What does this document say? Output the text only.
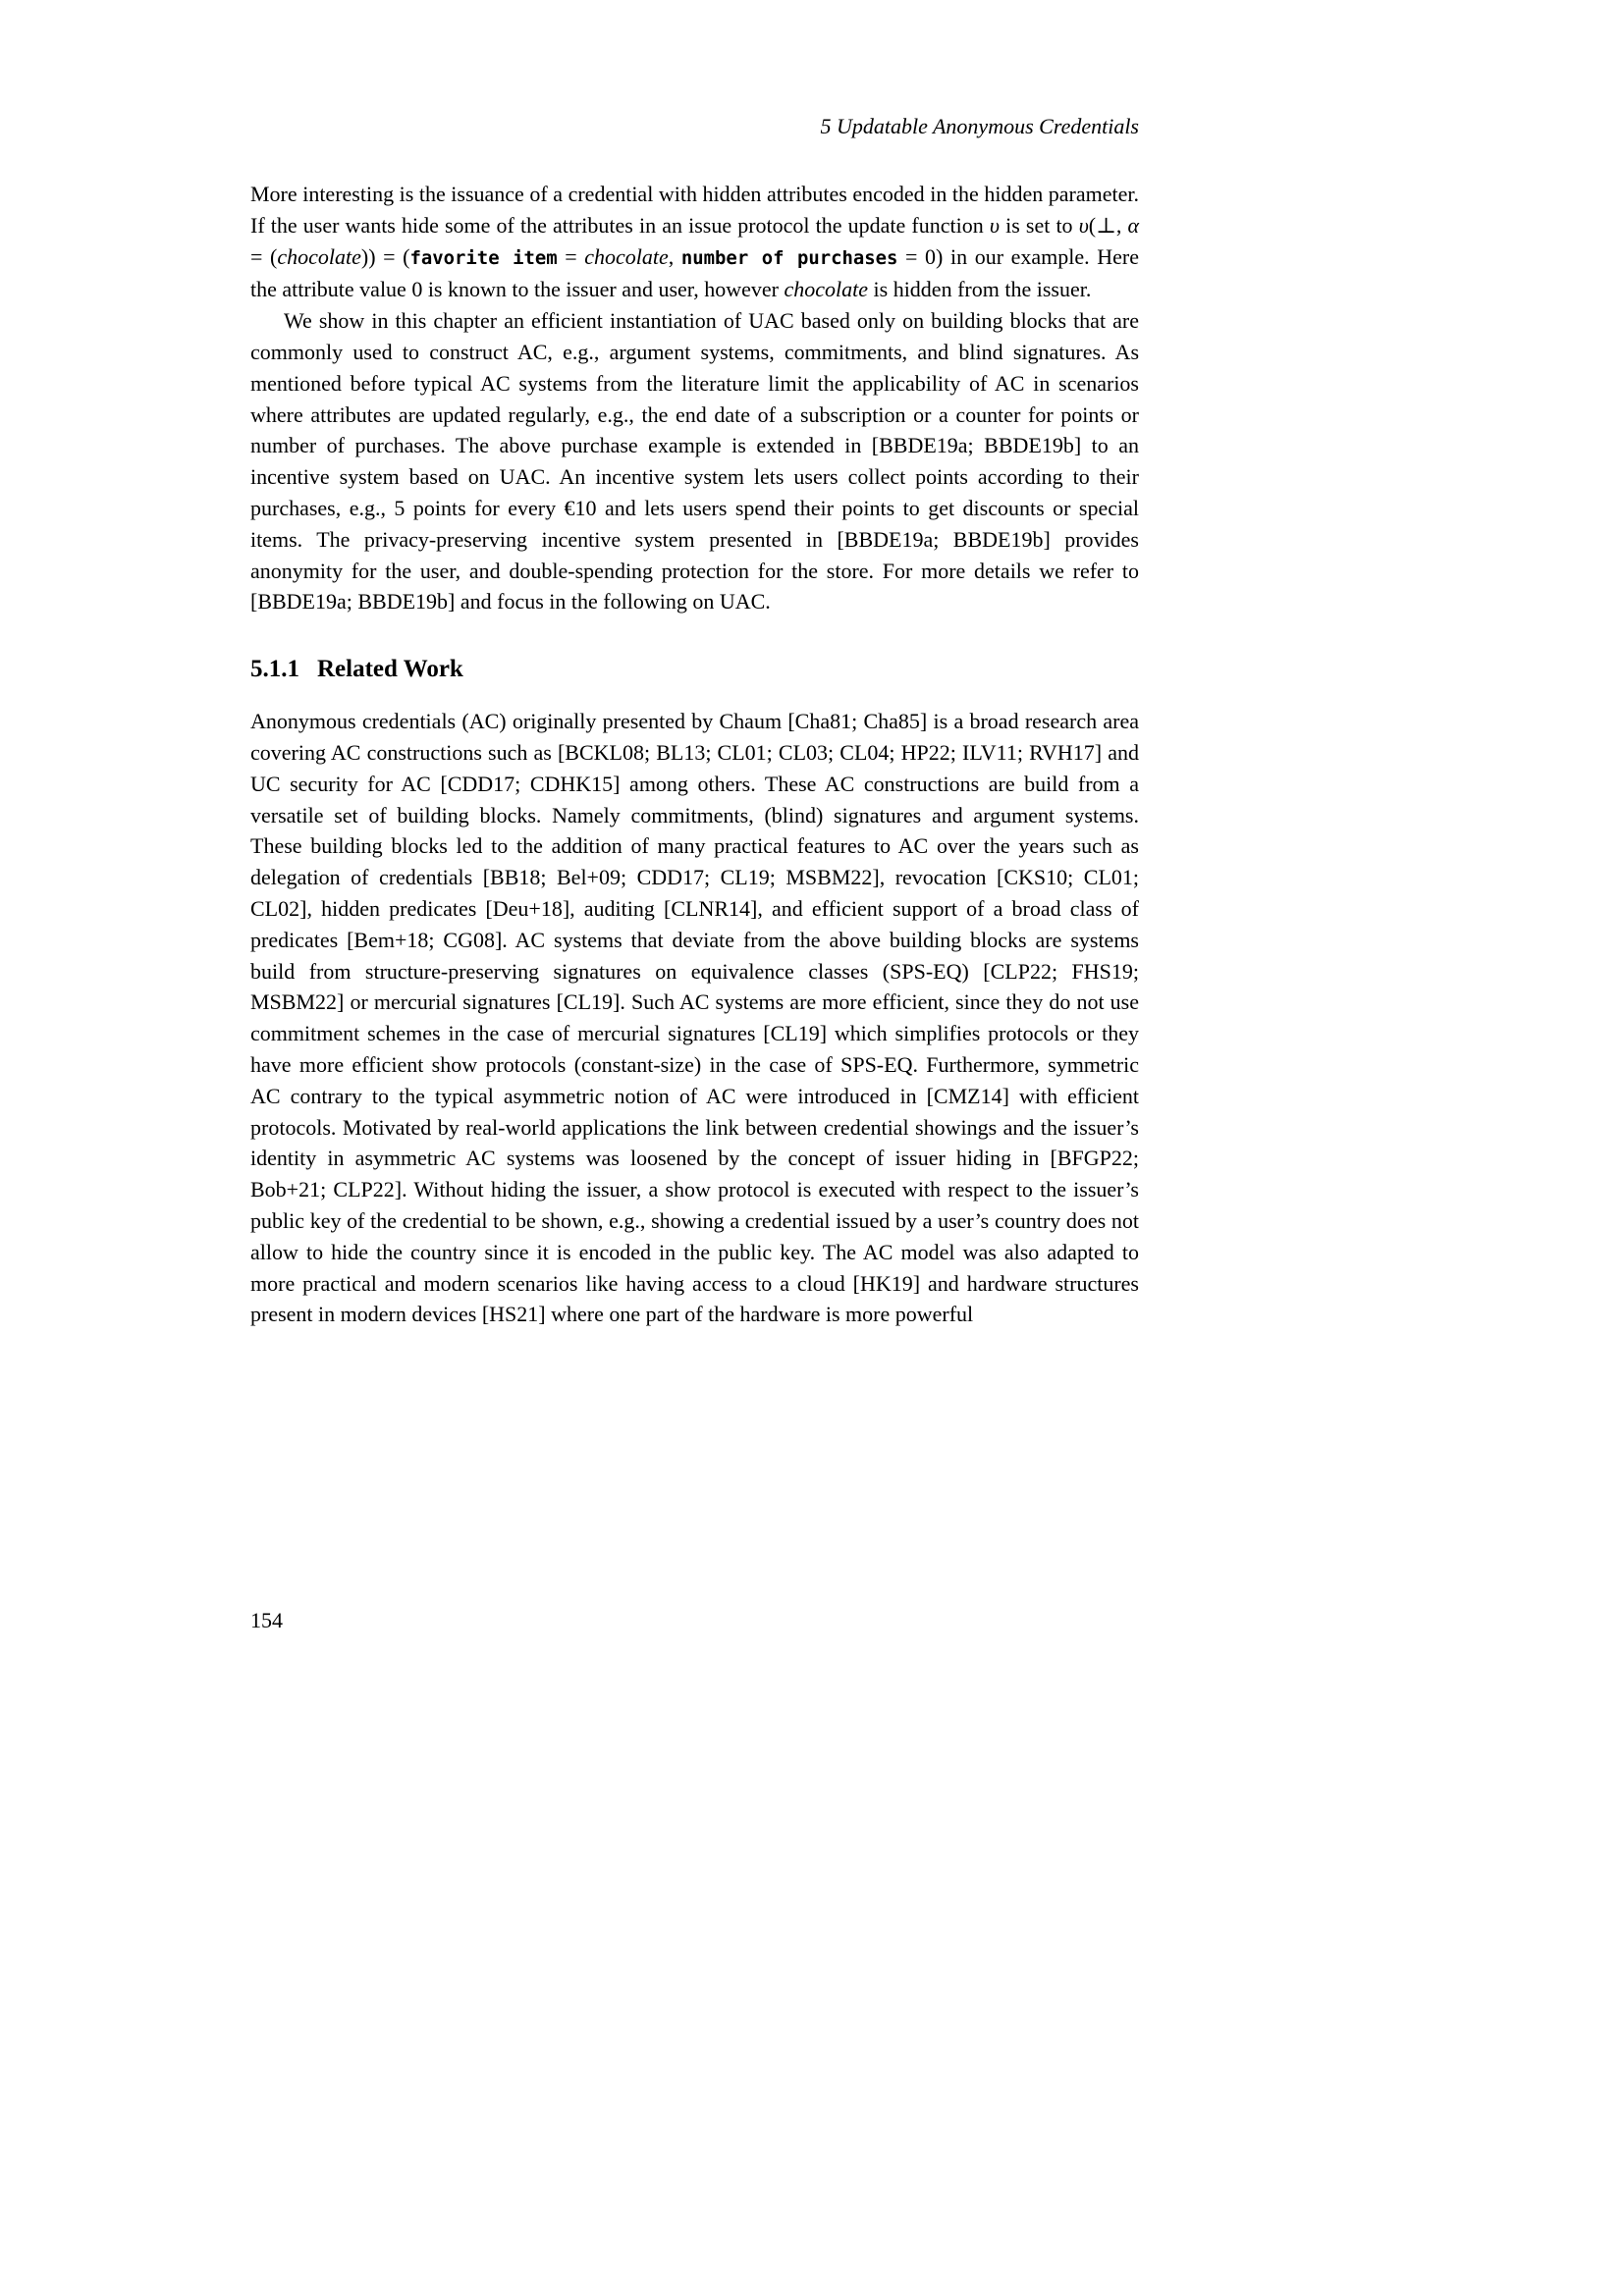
5 Updatable Anonymous Credentials

More interesting is the issuance of a credential with hidden attributes encoded in the hidden parameter. If the user wants hide some of the attributes in an issue protocol the update function υ is set to υ(⊥, α = (chocolate)) = (favorite item = chocolate, number of purchases = 0) in our example. Here the attribute value 0 is known to the issuer and user, however chocolate is hidden from the issuer.

We show in this chapter an efficient instantiation of UAC based only on building blocks that are commonly used to construct AC, e.g., argument systems, commitments, and blind signatures. As mentioned before typical AC systems from the literature limit the applicability of AC in scenarios where attributes are updated regularly, e.g., the end date of a subscription or a counter for points or number of purchases. The above purchase example is extended in [BBDE19a; BBDE19b] to an incentive system based on UAC. An incentive system lets users collect points according to their purchases, e.g., 5 points for every €10 and lets users spend their points to get discounts or special items. The privacy-preserving incentive system presented in [BBDE19a; BBDE19b] provides anonymity for the user, and double-spending protection for the store. For more details we refer to [BBDE19a; BBDE19b] and focus in the following on UAC.

5.1.1 Related Work

Anonymous credentials (AC) originally presented by Chaum [Cha81; Cha85] is a broad research area covering AC constructions such as [BCKL08; BL13; CL01; CL03; CL04; HP22; ILV11; RVH17] and UC security for AC [CDD17; CDHK15] among others. These AC constructions are build from a versatile set of building blocks. Namely commitments, (blind) signatures and argument systems. These building blocks led to the addition of many practical features to AC over the years such as delegation of credentials [BB18; Bel+09; CDD17; CL19; MSBM22], revocation [CKS10; CL01; CL02], hidden predicates [Deu+18], auditing [CLNR14], and efficient support of a broad class of predicates [Bem+18; CG08]. AC systems that deviate from the above building blocks are systems build from structure-preserving signatures on equivalence classes (SPS-EQ) [CLP22; FHS19; MSBM22] or mercurial signatures [CL19]. Such AC systems are more efficient, since they do not use commitment schemes in the case of mercurial signatures [CL19] which simplifies protocols or they have more efficient show protocols (constant-size) in the case of SPS-EQ. Furthermore, symmetric AC contrary to the typical asymmetric notion of AC were introduced in [CMZ14] with efficient protocols. Motivated by real-world applications the link between credential showings and the issuer’s identity in asymmetric AC systems was loosened by the concept of issuer hiding in [BFGP22; Bob+21; CLP22]. Without hiding the issuer, a show protocol is executed with respect to the issuer’s public key of the credential to be shown, e.g., showing a credential issued by a user’s country does not allow to hide the country since it is encoded in the public key. The AC model was also adapted to more practical and modern scenarios like having access to a cloud [HK19] and hardware structures present in modern devices [HS21] where one part of the hardware is more powerful

154
